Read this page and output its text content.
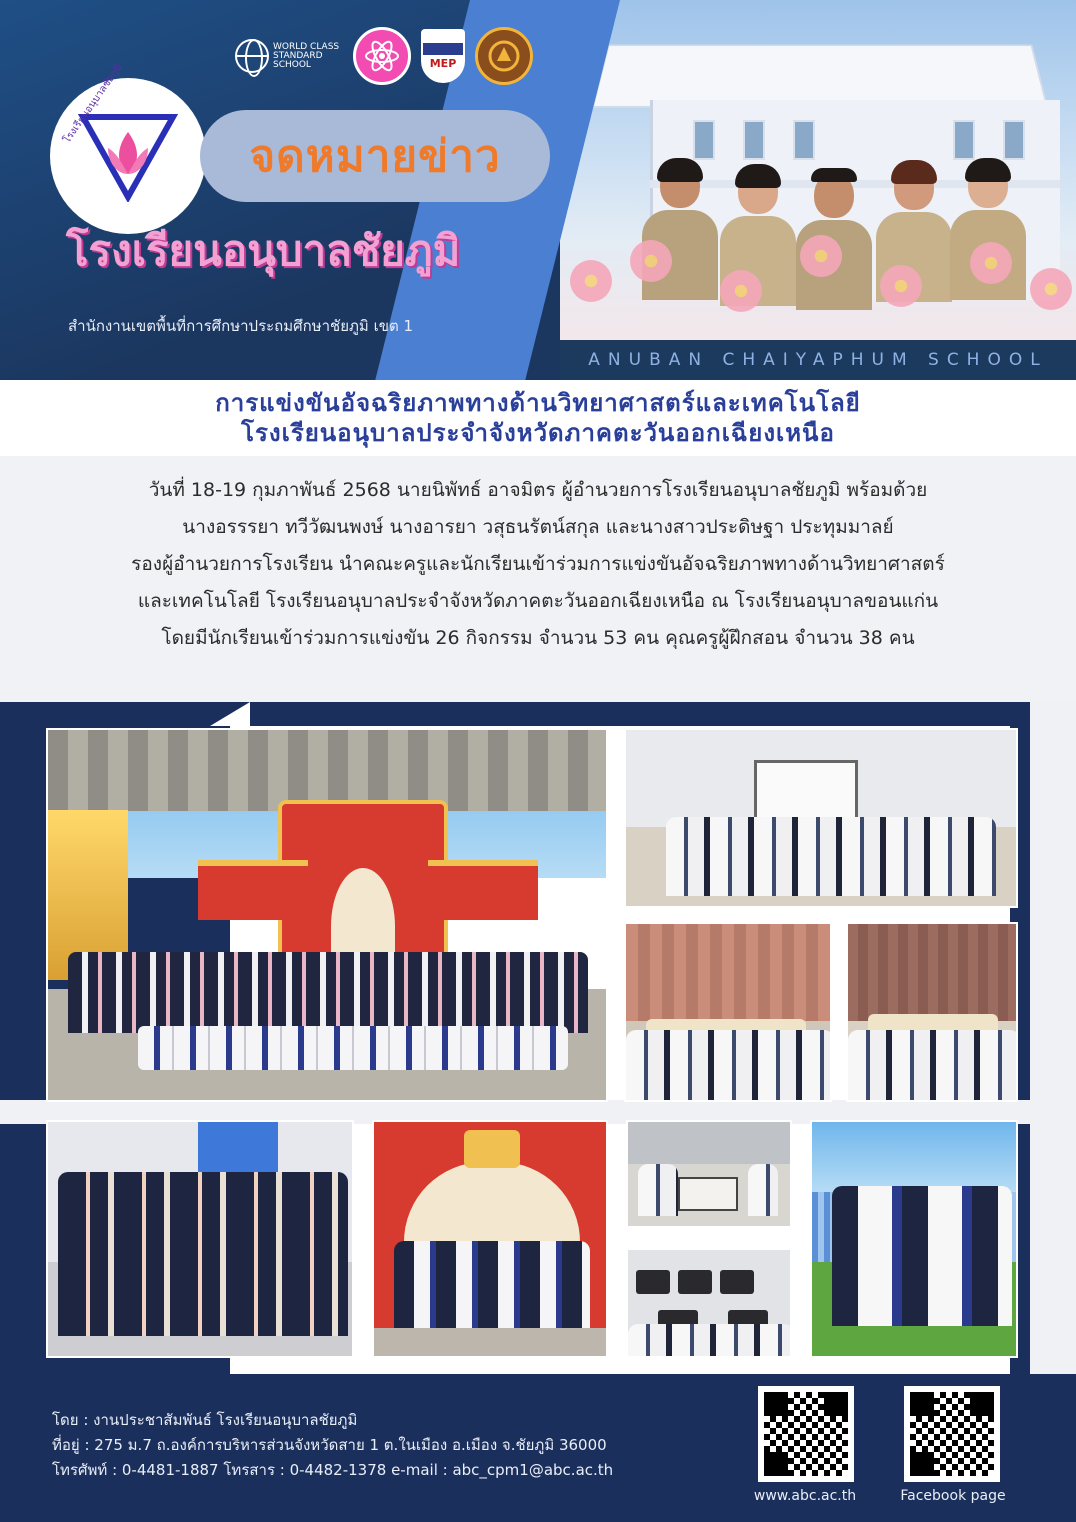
โรงเรียนอนุบาลชัยภูมิ
WORLD CLASS STANDARD SCHOOL	MEP
จดหมายข่าว
โรงเรียนอนุบาลชัยภูมิ
สำนักงานเขตพื้นที่การศึกษาประถมศึกษาชัยภูมิ เขต 1
ANUBAN CHAIYAPHUM SCHOOL
การแข่งขันอัจฉริยภาพทางด้านวิทยาศาสตร์และเทคโนโลยี
โรงเรียนอนุบาลประจำจังหวัดภาคตะวันออกเฉียงเหนือ
วันที่ 18-19 กุมภาพันธ์ 2568 นายนิพัทธ์ อาจมิตร ผู้อำนวยการโรงเรียนอนุบาลชัยภูมิ พร้อมด้วย
นางอรรรยา ทวีวัฒนพงษ์ นางอารยา วสุธนรัตน์สกุล และนางสาวประดิษฐา ประทุมมาลย์
รองผู้อำนวยการโรงเรียน นำคณะครูและนักเรียนเข้าร่วมการแข่งขันอัจฉริยภาพทางด้านวิทยาศาสตร์
และเทคโนโลยี โรงเรียนอนุบาลประจำจังหวัดภาคตะวันออกเฉียงเหนือ ณ โรงเรียนอนุบาลขอนแก่น
โดยมีนักเรียนเข้าร่วมการแข่งขัน 26 กิจกรรม จำนวน 53 คน คุณครูผู้ฝึกสอน จำนวน 38 คน
โดย : งานประชาสัมพันธ์ โรงเรียนอนุบาลชัยภูมิ
ที่อยู่ : 275 ม.7 ถ.องค์การบริหารส่วนจังหวัดสาย 1 ต.ในเมือง อ.เมือง จ.ชัยภูมิ 36000
โทรศัพท์ : 0-4481-1887 โทรสาร : 0-4482-1378 e-mail : abc_cpm1@abc.ac.th
www.abc.ac.th	Facebook page
